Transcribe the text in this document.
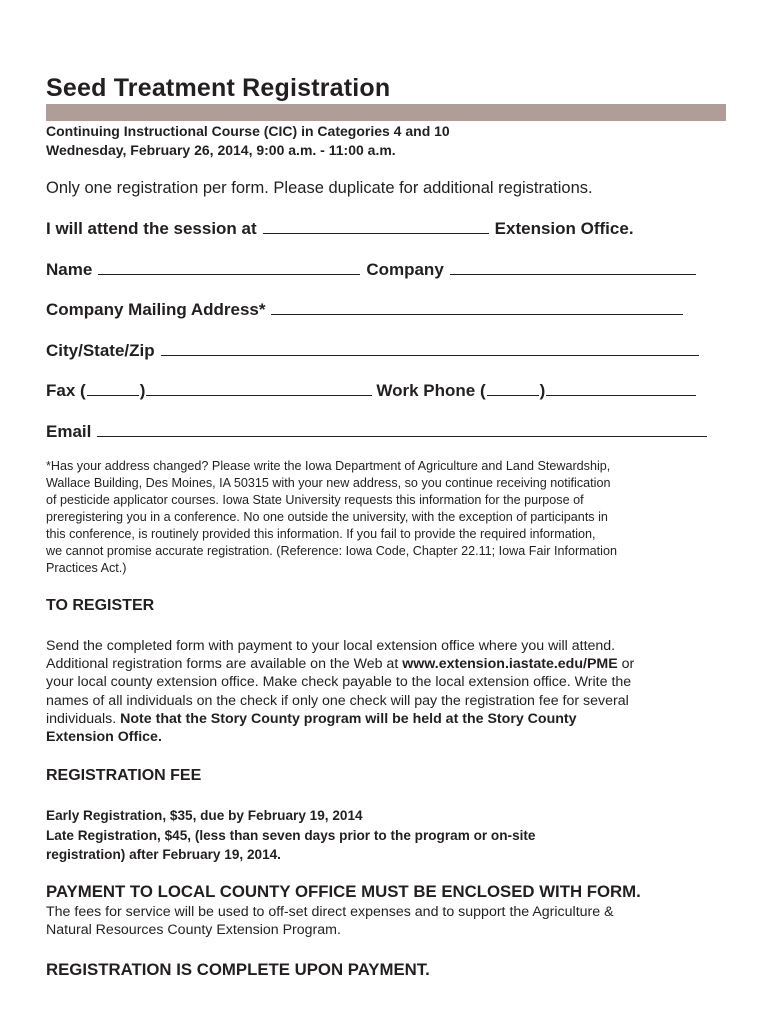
Seed Treatment Registration
Continuing Instructional Course (CIC) in Categories 4 and 10
Wednesday, February 26, 2014, 9:00 a.m. - 11:00 a.m.
Only one registration per form. Please duplicate for additional registrations.
I will attend the session at	Extension Office.
Name	Company
Company Mailing Address*
City/State/Zip
Fax (	)	Work Phone (	)
Email

*Has your address changed? Please write the Iowa Department of Agriculture and Land Stewardship,

Wallace Building, Des Moines, IA 50315 with your new address, so you continue receiving notification

of pesticide applicator courses. Iowa State University requests this information for the purpose of

preregistering you in a conference. No one outside the university, with the exception of participants in

this conference, is routinely provided this information. If you fail to provide the required information,

we cannot promise accurate registration. (Reference: Iowa Code, Chapter 22.11; Iowa Fair Information

Practices Act.)

TO REGISTER

Send the completed form with payment to your local extension office where you will attend.

Additional registration forms are available on the Web at www.extension.iastate.edu/PME or

your local county extension office. Make check payable to the local extension office. Write the

names of all individuals on the check if only one check will pay the registration fee for several

individuals. Note that the Story County program will be held at the Story County

Extension Office.

REGISTRATION FEE

Early Registration, $35, due by February 19, 2014

Late Registration, $45, (less than seven days prior to the program or on-site

registration) after February 19, 2014.

PAYMENT TO LOCAL COUNTY OFFICE MUST BE ENCLOSED WITH FORM.

The fees for service will be used to off-set direct expenses and to support the Agriculture &

Natural Resources County Extension Program.

REGISTRATION IS COMPLETE UPON PAYMENT.
